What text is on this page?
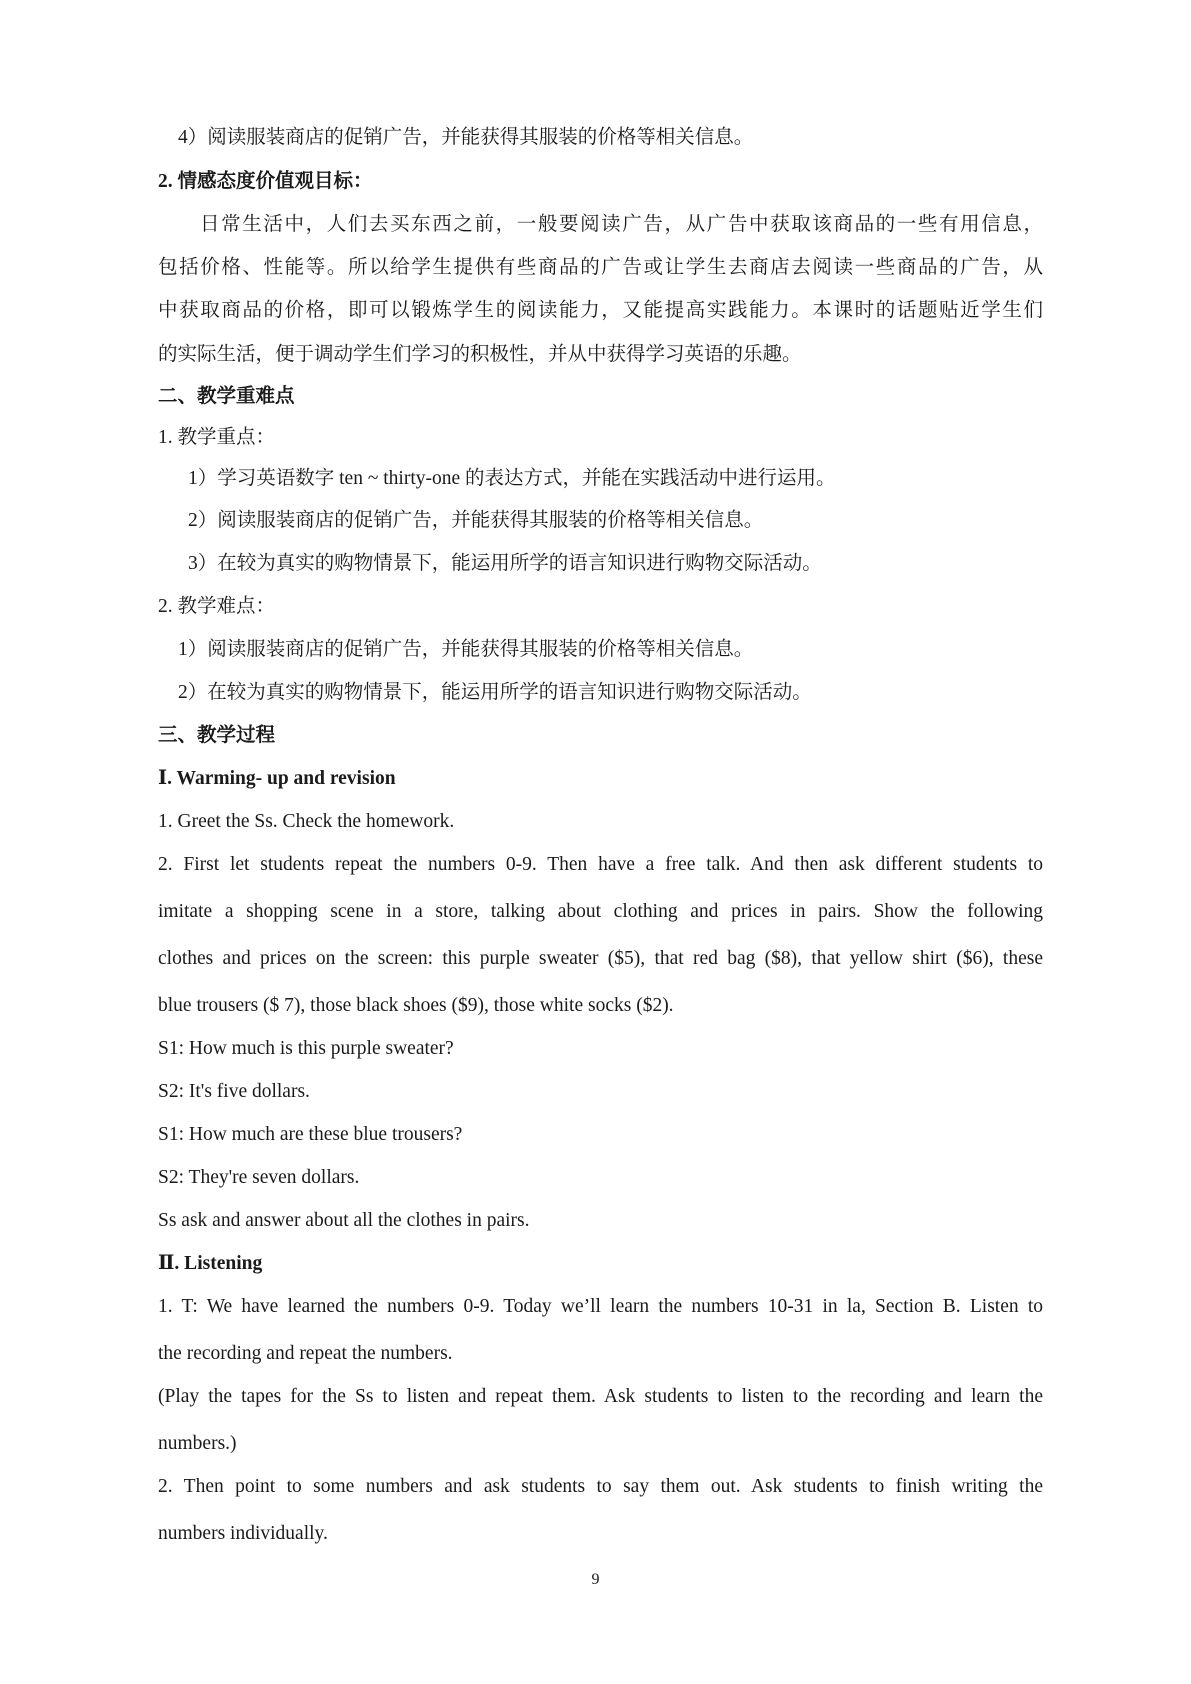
4）阅读服装商店的促销广告，并能获得其服装的价格等相关信息。
2. 情感态度价值观目标：
日常生活中，人们去买东西之前，一般要阅读广告，从广告中获取该商品的一些有用信息，
包括价格、性能等。所以给学生提供有些商品的广告或让学生去商店去阅读一些商品的广告，从
中获取商品的价格，即可以锻炼学生的阅读能力，又能提高实践能力。本课时的话题贴近学生们
的实际生活，便于调动学生们学习的积极性，并从中获得学习英语的乐趣。
二、教学重难点
1. 教学重点：
1）学习英语数字 ten ~ thirty-one 的表达方式，并能在实践活动中进行运用。
2）阅读服装商店的促销广告，并能获得其服装的价格等相关信息。
3）在较为真实的购物情景下，能运用所学的语言知识进行购物交际活动。
2. 教学难点：
1）阅读服装商店的促销广告，并能获得其服装的价格等相关信息。
2）在较为真实的购物情景下，能运用所学的语言知识进行购物交际活动。
三、教学过程
Ⅰ. Warming- up and revision
1. Greet the Ss. Check the homework.
2. First let students repeat the numbers 0-9. Then have a free talk. And then ask different students to
imitate a shopping scene in a store, talking about clothing and prices in pairs. Show the following
clothes and prices on the screen: this purple sweater ($5), that red bag ($8), that yellow shirt ($6), these
blue trousers ($ 7), those black shoes ($9), those white socks ($2).
S1: How much is this purple sweater?
S2: It's five dollars.
S1: How much are these blue trousers?
S2: They're seven dollars.
Ss ask and answer about all the clothes in pairs.
Ⅱ. Listening
1. T: We have learned the numbers 0-9. Today we’ll learn the numbers 10-31 in la, Section B. Listen to
the recording and repeat the numbers.
(Play the tapes for the Ss to listen and repeat them. Ask students to listen to the recording and learn the
numbers.)
2. Then point to some numbers and ask students to say them out. Ask students to finish writing the
numbers individually.
9
